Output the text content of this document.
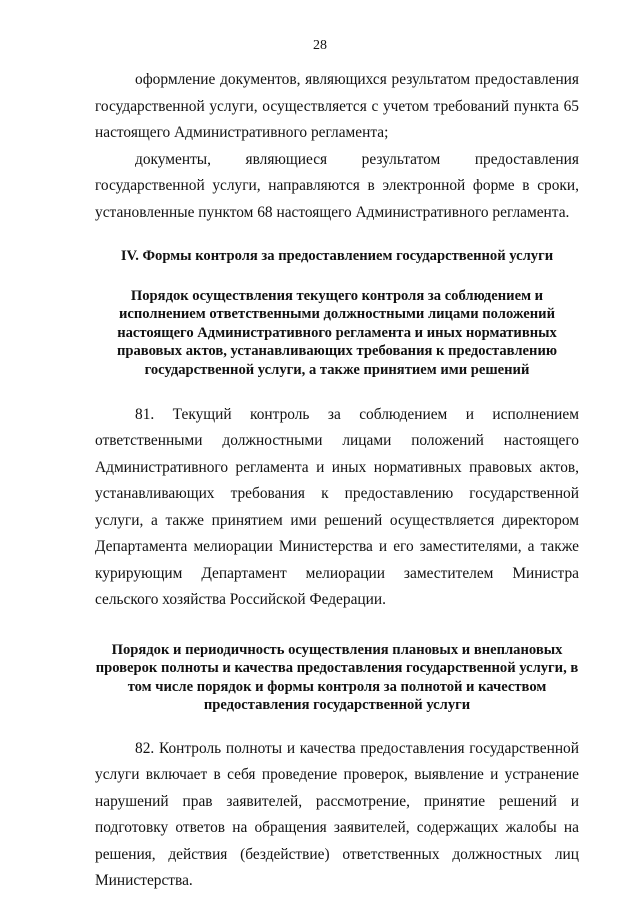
28

оформление документов, являющихся результатом предоставления государственной услуги, осуществляется с учетом требований пункта 65 настоящего Административного регламента;

документы, являющиеся результатом предоставления государственной услуги, направляются в электронной форме в сроки, установленные пунктом 68 настоящего Административного регламента.

IV. Формы контроля за предоставлением государственной услуги
Порядок осуществления текущего контроля за соблюдением и исполнением ответственными должностными лицами положений настоящего Административного регламента и иных нормативных правовых актов, устанавливающих требования к предоставлению государственной услуги, а также принятием ими решений

81. Текущий контроль за соблюдением и исполнением ответственными должностными лицами положений настоящего Административного регламента и иных нормативных правовых актов, устанавливающих требования к предоставлению государственной услуги, а также принятием ими решений осуществляется директором Департамента мелиорации Министерства и его заместителями, а также курирующим Департамент мелиорации заместителем Министра сельского хозяйства Российской Федерации.

Порядок и периодичность осуществления плановых и внеплановых проверок полноты и качества предоставления государственной услуги, в том числе порядок и формы контроля за полнотой и качеством предоставления государственной услуги

82. Контроль полноты и качества предоставления государственной услуги включает в себя проведение проверок, выявление и устранение нарушений прав заявителей, рассмотрение, принятие решений и подготовку ответов на обращения заявителей, содержащих жалобы на решения, действия (бездействие) ответственных должностных лиц Министерства.
